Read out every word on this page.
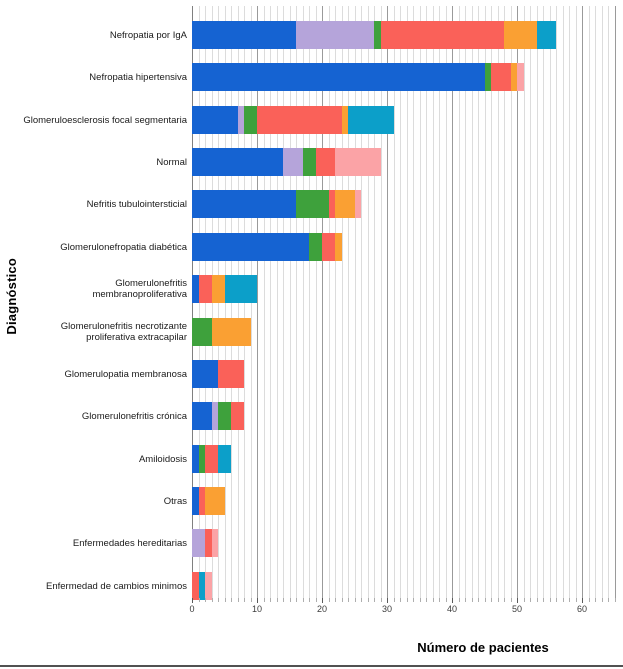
Diagnóstico
Nefropatia por IgA
Nefropatia hipertensiva
Glomeruloesclerosis focal segmentaria
Normal
Nefritis tubulointersticial
Glomerulonefropatia diabética
Glomerulonefritis membranoproliferativa
Glomerulonefritis necrotizante proliferativa extracapilar
Glomerulopatia membranosa
Glomerulonefritis crónica
Amiloidosis
Otras
Enfermedades hereditarias
Enfermedad de cambios minimos
0	10	20	30	40	50	60
Número de pacientes
